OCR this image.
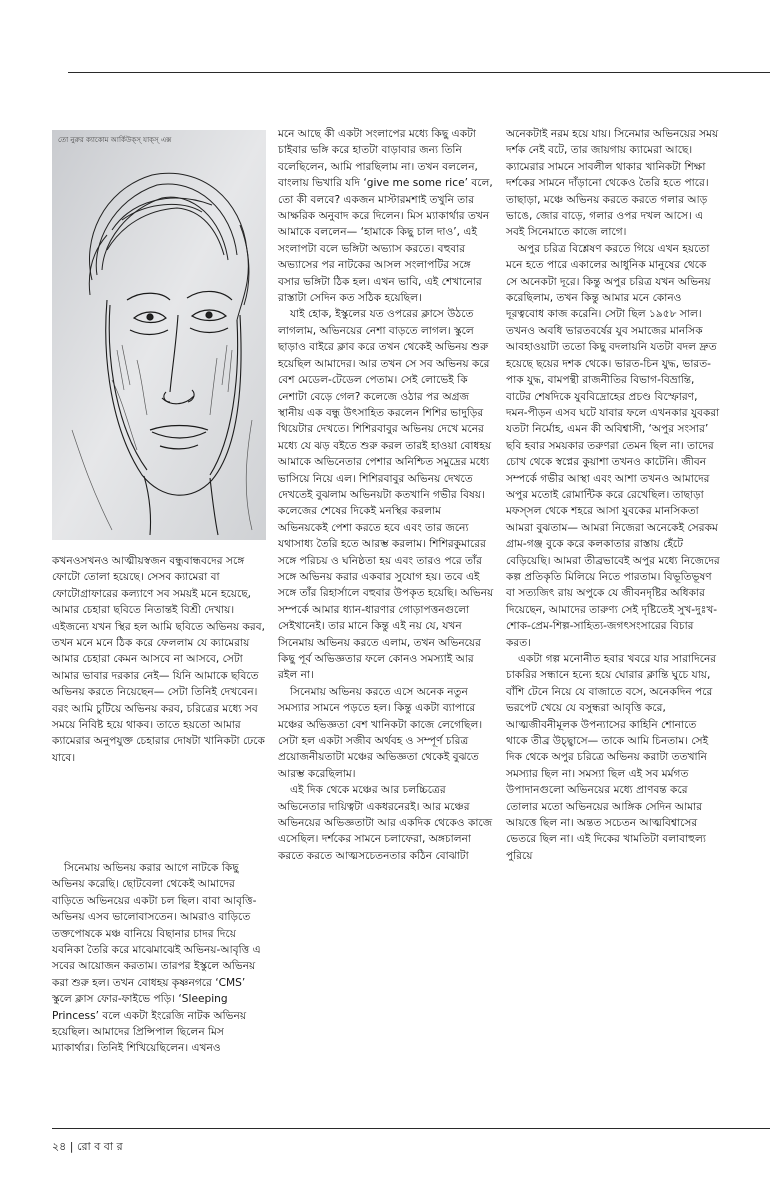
তো নুরুর ক্যাকোম আর্কিউক্স্ যাক্স্ এক্স

কখনওসখনও আত্মীয়স্বজন বন্ধুবান্ধবদের সঙ্গে ফোটো তোলা হয়েছে। সেসব ক্যামেরা বা ফোটোগ্রাফারের কল্যাণে সব সময়ই মনে হয়েছে, আমার চেহারা ছবিতে নিতান্তই বিশ্রী দেখায়। এইজন্যে যখন স্থির হল আমি ছবিতে অভিনয় করব, তখন মনে মনে ঠিক করে ফেললাম যে ক্যামেরায় আমার চেহারা কেমন আসবে না আসবে, সেটা আমার ভাবার দরকার নেই— যিনি আমাকে ছবিতে অভিনয় করতে নিয়েছেন— সেটা তিনিই দেখবেন। বরং আমি চুটিয়ে অভিনয় করব, চরিত্রের মধ্যে সব সময়ে নিবিষ্ট হয়ে থাকব। তাতে হয়তো আমার ক্যামেরার অনুপযুক্ত চেহারার দোষটা খানিকটা ঢেকে যাবে।

সিনেমায় অভিনয় করার আগে নাটকে কিছু অভিনয় করেছি। ছোটবেলা থেকেই আমাদের বাড়িতে অভিনয়ের একটা চল ছিল। বাবা আবৃত্তি-অভিনয় এসব ভালোবাসতেন। আমরাও বাড়িতে তক্তপোষকে মঞ্চ বানিয়ে বিছানার চাদর দিয়ে যবনিকা তৈরি করে মাঝেমাঝেই অভিনয়-আবৃত্তি এ সবের আয়োজন করতাম। তারপর ইস্কুলে অভিনয় করা শুরু হল। তখন বোধহয় কৃষ্ণনগরে ‘CMS’ স্কুলে ক্লাস ফোর-ফাইভে পড়ি। ‘Sleeping Princess’ বলে একটা ইংরেজি নাটক অভিনয় হয়েছিল। আমাদের প্রিন্সিপাল ছিলেন মিস ম্যাকার্থার। তিনিই শিখিয়েছিলেন। এখনও

মনে আছে কী একটা সংলাপের মধ্যে কিছু একটা চাইবার ভঙ্গি করে হাতটা বাড়াবার জন্য তিনি বলেছিলেন, আমি পারছিলাম না। তখন বললেন, বাংলায় ভিখারি যদি ‘give me some rice’ বলে, তো কী বলবে? একজন মাস্টারমশাই তখুনি তার আক্ষরিক অনুবাদ করে দিলেন। মিস ম্যাকার্থার তখন আমাকে বললেন— ‘হামাকে কিছু চাল দাও’, এই সংলাপটা বলে ভঙ্গিটা অভ্যাস করতে। বহুবার অভ্যাসের পর নাটকের আসল সংলাপটির সঙ্গে বসার ভঙ্গিটা ঠিক হল। এখন ভাবি, এই শেখানোর রাস্তাটা সেদিন কত সঠিক হয়েছিল।

যাই হোক, ইস্কুলের যত ওপরের ক্লাসে উঠতে লাগলাম, অভিনয়ের নেশা বাড়তে লাগল। স্কুলে ছাড়াও বাইরে ক্লাব করে তখন থেকেই অভিনয় শুরু হয়েছিল আমাদের। আর তখন সে সব অভিনয় করে বেশ মেডেল-টেডেল পেতাম। সেই লোভেই কি নেশাটা বেড়ে গেল? কলেজে ওঠার পর অগ্রজ স্থানীয় এক বন্ধু উৎসাহিত করলেন শিশির ভাদুড়ির থিয়েটার দেখতে। শিশিরবাবুর অভিনয় দেখে মনের মধ্যে যে ঝড় বইতে শুরু করল তারই হাওয়া বোধহয় আমাকে অভিনেতার পেশার অনিশ্চিত সমুদ্রের মধ্যে ভাসিয়ে নিয়ে এল। শিশিরবাবুর অভিনয় দেখতে দেখতেই বুঝলাম অভিনয়টা কতখানি গভীর বিষয়। কলেজের শেষের দিকেই মনস্থির করলাম অভিনয়কেই পেশা করতে হবে এবং তার জন্যে যথাসাধ্য তৈরি হতে আরম্ভ করলাম। শিশিরকুমারের সঙ্গে পরিচয় ও ঘনিষ্ঠতা হয় এবং তারও পরে তাঁর সঙ্গে অভিনয় করার একবার সুযোগ হয়। তবে এই সঙ্গে তাঁর রিহার্সালে বহুবার উপকৃত হয়েছি। অভিনয় সম্পর্কে আমার ধ্যান-ধারণার গোড়াপত্তনগুলো সেইখানেই। তার মানে কিন্তু এই নয় যে, যখন সিনেমায় অভিনয় করতে এলাম, তখন অভিনয়ের কিছু পূর্ব অভিজ্ঞতার ফলে কোনও সমস্যাই আর রইল না।

সিনেমায় অভিনয় করতে এসে অনেক নতুন সমস্যার সামনে পড়তে হল। কিন্তু একটা ব্যাপারে মঞ্চের অভিজ্ঞতা বেশ খানিকটা কাজে লেগেছিল। সেটা হল একটা সজীব অর্থবহ ও সম্পূর্ণ চরিত্র প্রয়োজনীয়তাটা মঞ্চের অভিজ্ঞতা থেকেই বুঝতে আরম্ভ করেছিলাম।

এই দিক থেকে মঞ্চের আর চলচ্চিত্রের অভিনেতার দায়িত্বটা একধরনেরই। আর মঞ্চের অভিনয়ের অভিজ্ঞতাটা আর একদিক থেকেও কাজে এসেছিল। দর্শকের সামনে চলাফেরা, অঙ্গচালনা করতে করতে আত্মসচেতনতার কঠিন বোঝাটা

অনেকটাই নরম হয়ে যায়। সিনেমার অভিনয়ের সময় দর্শক নেই বটে, তার জায়গায় ক্যামেরা আছে। ক্যামেরার সামনে সাবলীল থাকার খানিকটা শিক্ষা দর্শকের সামনে দাঁড়ানো থেকেও তৈরি হতে পারে। তাছাড়া, মঞ্চে অভিনয় করতে করতে গলার আড় ভাঙে, জোর বাড়ে, গলার ওপর দখল আসে। এ সবই সিনেমাতে কাজে লাগে।

অপুর চরিত্র বিশ্লেষণ করতে গিয়ে এখন হয়তো মনে হতে পারে একালের আধুনিক মানুষের থেকে সে অনেকটা দূরে। কিন্তু অপুর চরিত্র যখন অভিনয় করেছিলাম, তখন কিন্তু আমার মনে কোনও দূরত্ববোধ কাজ করেনি। সেটা ছিল ১৯৫৮ সাল। তখনও অবধি ভারতবর্ষের যুব সমাজের মানসিক আবহাওয়াটা ততো কিছু বদলায়নি যতটা বদল দ্রুত হয়েছে ছয়ের দশক থেকে। ভারত-চিন যুদ্ধ, ভারত-পাক যুদ্ধ, বামপন্থী রাজনীতির বিভাগ-বিভ্রান্তি, বাটের শেষদিকে যুববিদ্রোহের প্রচণ্ড বিস্ফোরণ, দমন-পীড়ন এসব ঘটে যাবার ফলে এখনকার যুবকরা যতটা নির্মোহ, এমন কী অবিশ্বাসী, ‘অপুর সংসার’ ছবি হবার সময়কার তরুণরা তেমন ছিল না। তাদের চোখ থেকে স্বপ্নের কুয়াশা তখনও কাটেনি। জীবন সম্পর্কে গভীর আস্থা এবং আশা তখনও আমাদের অপুর মতোই রোমান্টিক করে রেখেছিল। তাছাড়া মফস্সল থেকে শহরে আসা যুবকের মানসিকতা আমরা বুঝতাম— আমরা নিজেরা অনেকেই সেরকম গ্রাম-গঞ্জ বুকে করে কলকাতার রাস্তায় হেঁটে বেড়িয়েছি। আমরা তীব্রভাবেই অপুর মধ্যে নিজেদের কল্প প্রতিকৃতি মিলিয়ে নিতে পারতাম। বিভূতিভূষণ বা সত্যজিৎ রায় অপুকে যে জীবনদৃষ্টির অধিকার দিয়েছেন, আমাদের তারুণ্য সেই দৃষ্টিতেই সুখ-দুঃখ-শোক-প্রেম-শিল্প-সাহিত্য-জগৎসংসারের বিচার করত।

একটা গল্প মনোনীত হবার খবরে যার সারাদিনের চাকরির সন্ধানে হন্যে হয়ে ঘোরার ক্লান্তি ঘুচে যায়, বাঁশি টেনে নিয়ে যে বাজাতে বসে, অনেকদিন পরে ভরপেট খেয়ে যে বসুন্ধরা আবৃত্তি করে, আত্মজীবনীমূলক উপন্যাসের কাহিনি শোনাতে থাকে তীব্র উচ্ছ্বাসে— তাকে আমি চিনতাম। সেই দিক থেকে অপুর চরিত্রে অভিনয় করাটা ততখানি সমস্যার ছিল না। সমস্যা ছিল এই সব মর্মগত উপাদানগুলো অভিনয়ের মধ্যে প্রাণবন্ত করে তোলার মতো অভিনয়ের আঙ্গিক সেদিন আমার আয়ত্তে ছিল না। অন্তত সচেতন আত্মবিশ্বাসের ভেতরে ছিল না। এই দিকের খামতিটা বলাবাহুল্য পুরিয়ে

২৪ | রো ব বা র
